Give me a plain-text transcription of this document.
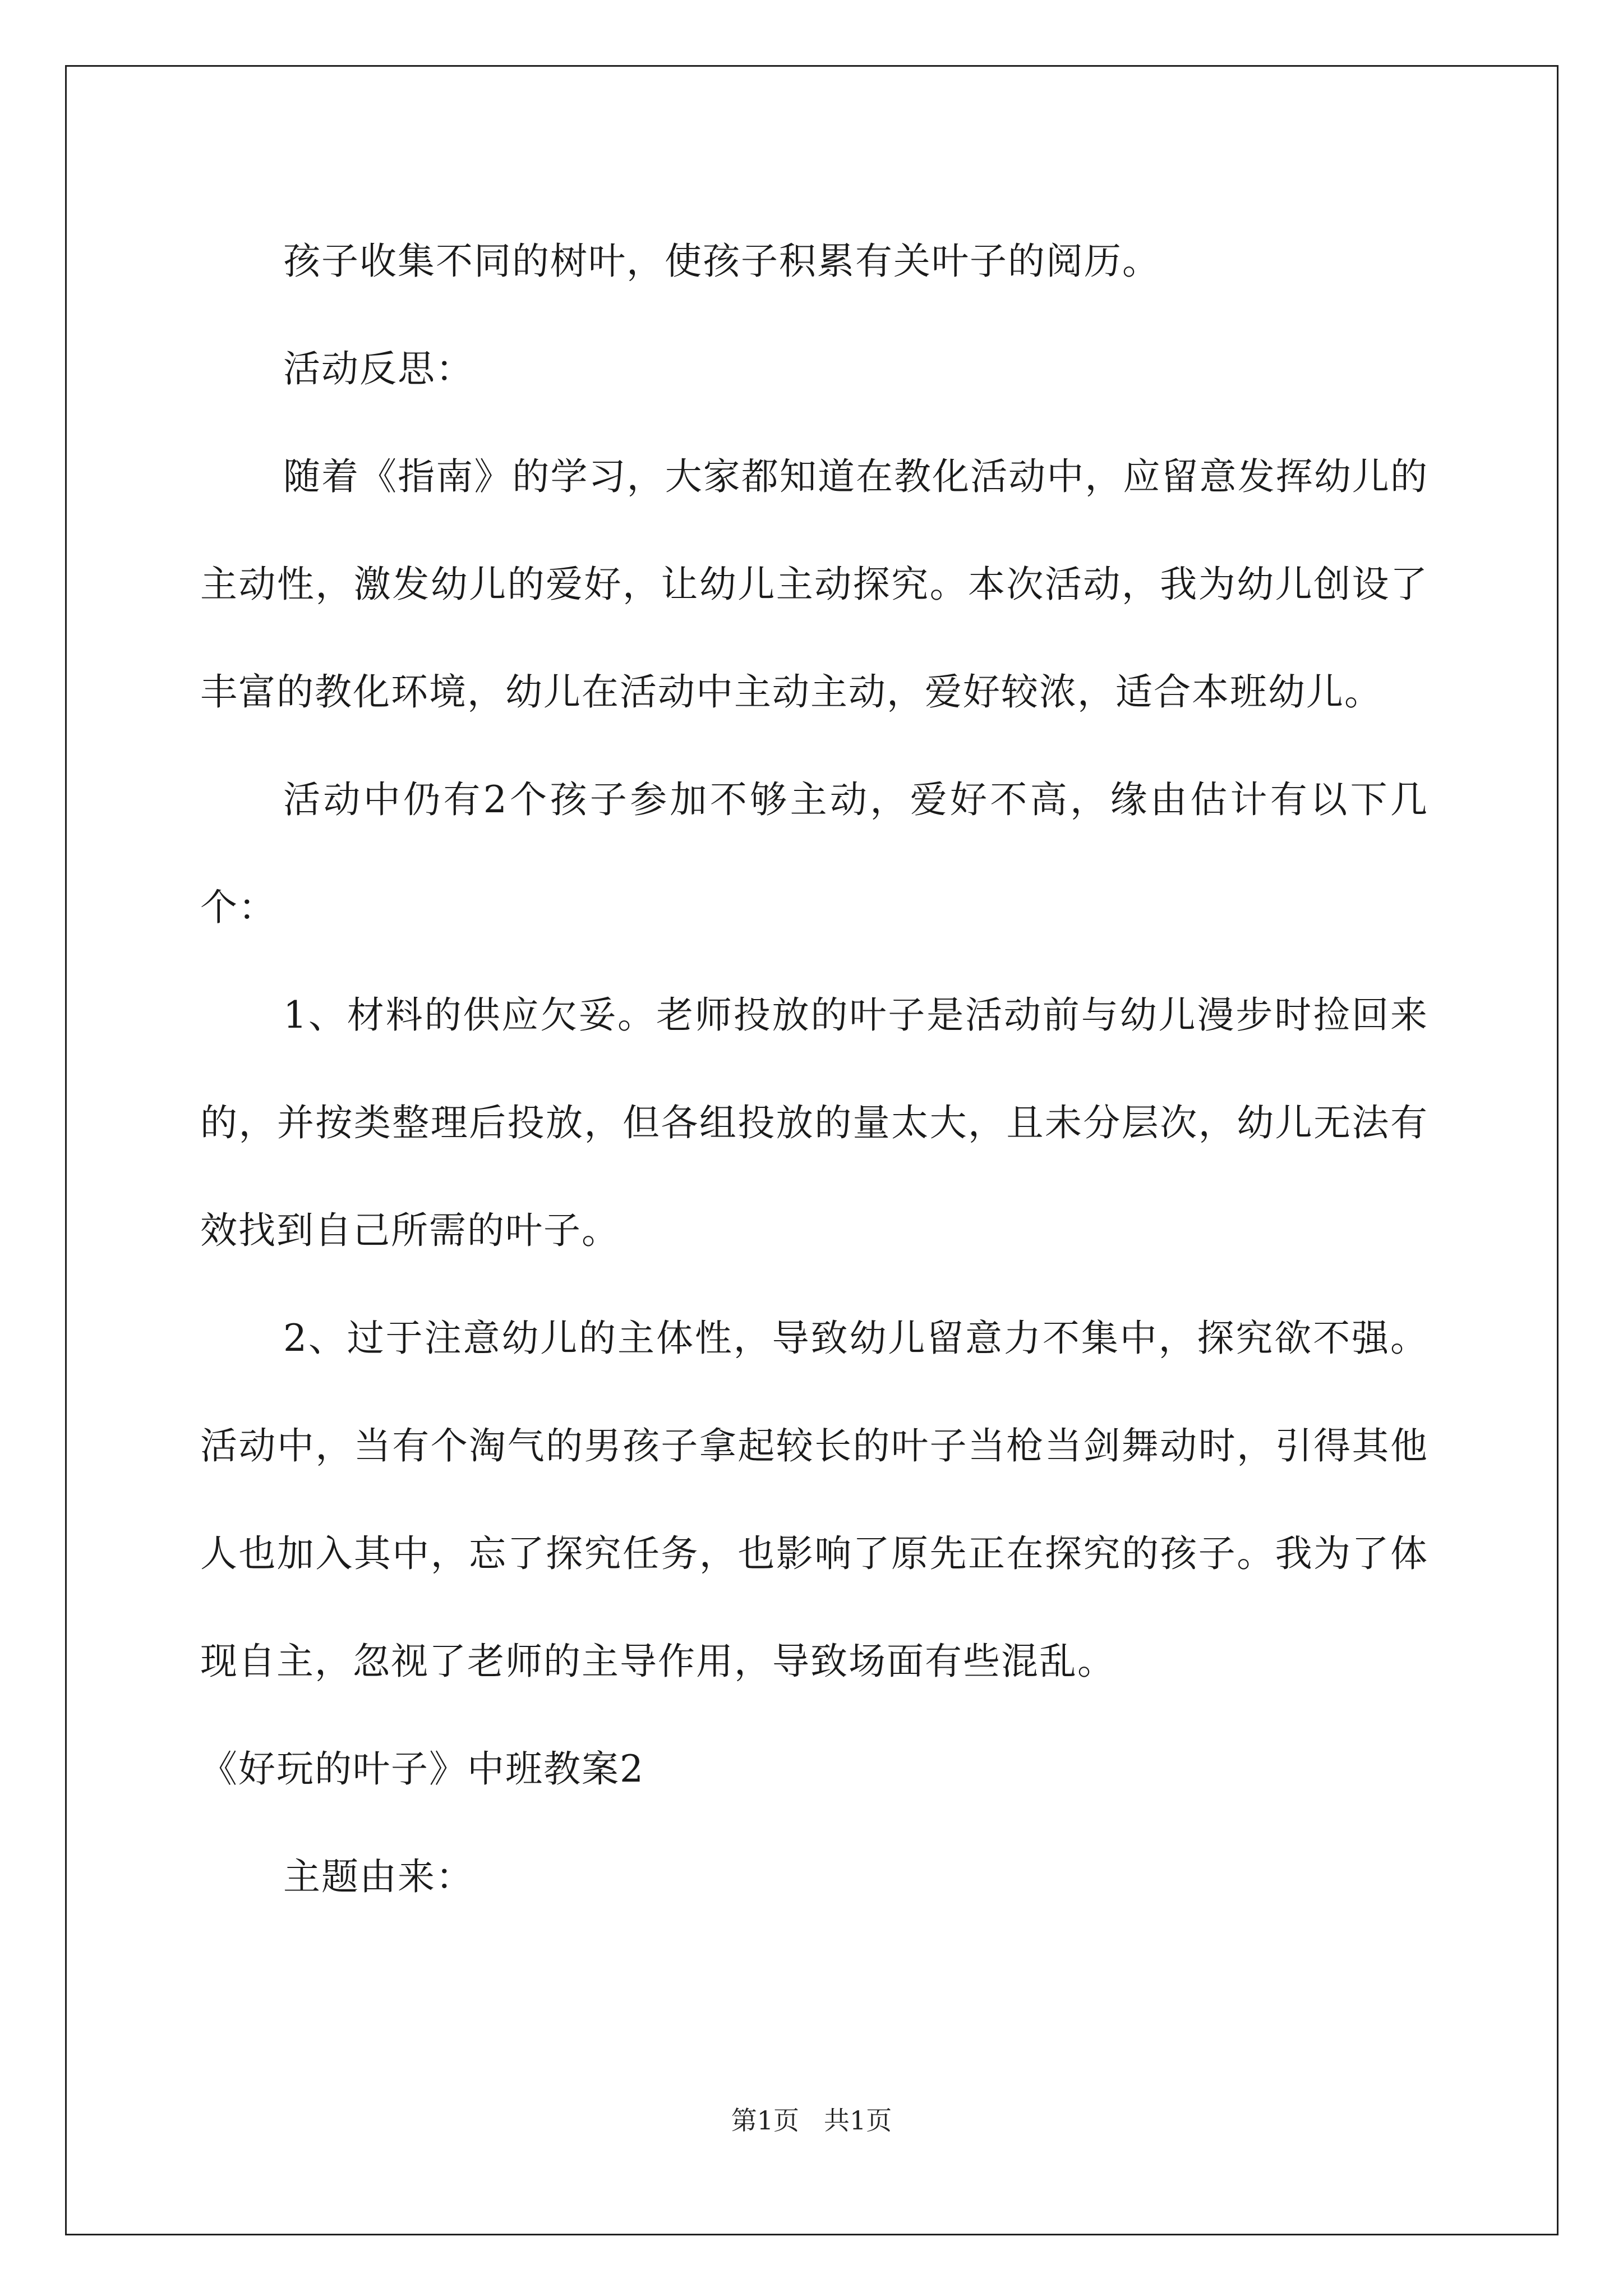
孩子收集不同的树叶，使孩子积累有关叶子的阅历。

活动反思：

随着《指南》的学习，大家都知道在教化活动中，应留意发挥幼儿的主动性，激发幼儿的爱好，让幼儿主动探究。本次活动，我为幼儿创设了丰富的教化环境，幼儿在活动中主动主动，爱好较浓，适合本班幼儿。

活动中仍有2个孩子参加不够主动，爱好不高，缘由估计有以下几个：

1、材料的供应欠妥。老师投放的叶子是活动前与幼儿漫步时捡回来的，并按类整理后投放，但各组投放的量太大，且未分层次，幼儿无法有效找到自己所需的叶子。

2、过于注意幼儿的主体性，导致幼儿留意力不集中，探究欲不强。活动中，当有个淘气的男孩子拿起较长的叶子当枪当剑舞动时，引得其他人也加入其中，忘了探究任务，也影响了原先正在探究的孩子。我为了体现自主，忽视了老师的主导作用，导致场面有些混乱。

《好玩的叶子》中班教案2

主题由来：

第1页 共1页
